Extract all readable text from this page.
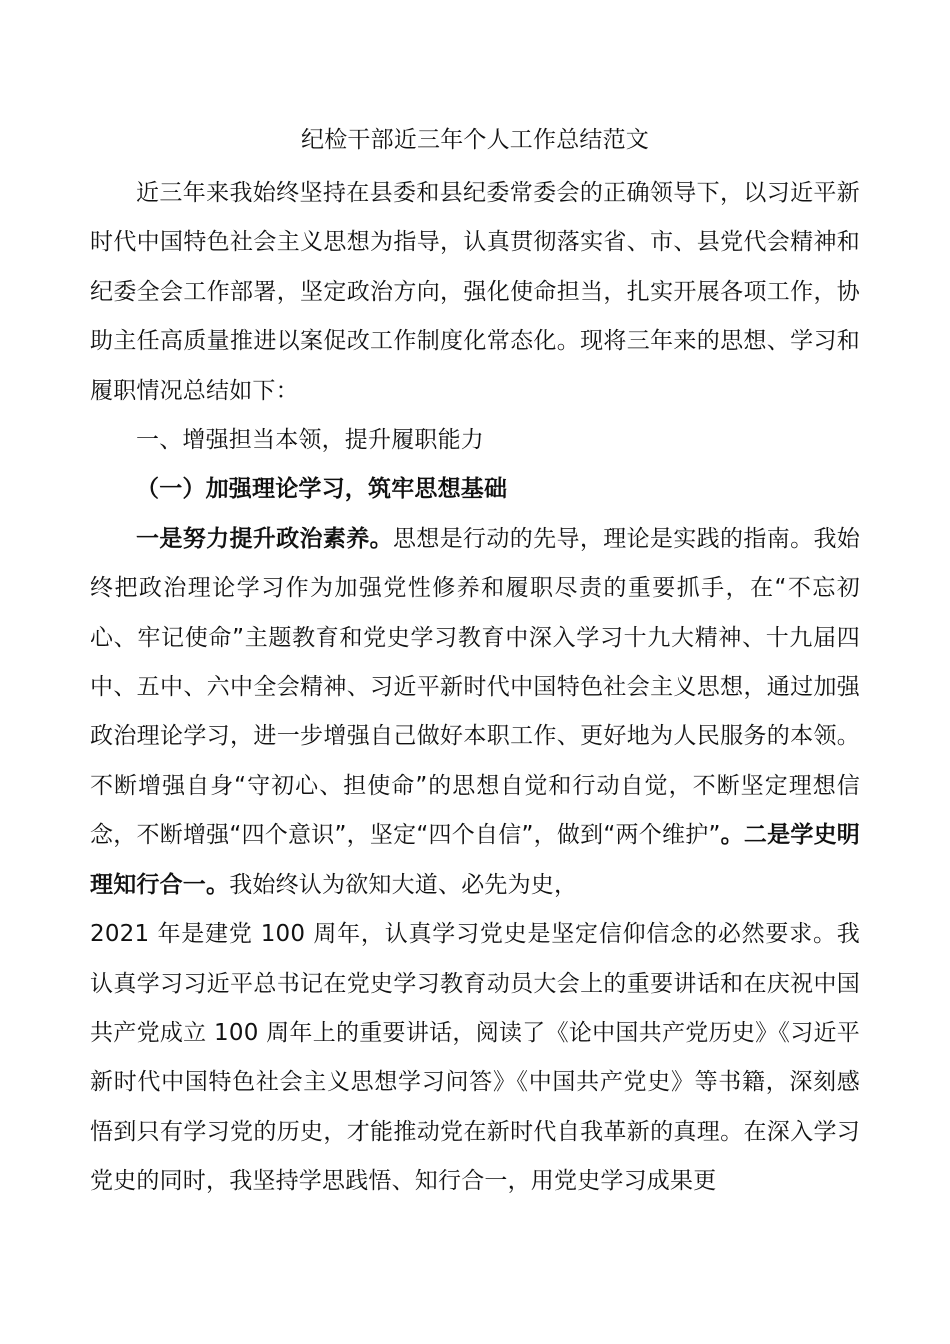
纪检干部近三年个人工作总结范文

近三年来我始终坚持在县委和县纪委常委会的正确领导下，以习近平新时代中国特色社会主义思想为指导，认真贯彻落实省、市、县党代会精神和纪委全会工作部署，坚定政治方向，强化使命担当，扎实开展各项工作，协助主任高质量推进以案促改工作制度化常态化。现将三年来的思想、学习和履职情况总结如下：

一、增强担当本领，提升履职能力

（一）加强理论学习，筑牢思想基础

一是努力提升政治素养。思想是行动的先导，理论是实践的指南。我始终把政治理论学习作为加强党性修养和履职尽责的重要抓手，在“不忘初心、牢记使命”主题教育和党史学习教育中深入学习十九大精神、十九届四中、五中、六中全会精神、习近平新时代中国特色社会主义思想，通过加强政治理论学习，进一步增强自己做好本职工作、更好地为人民服务的本领。不断增强自身“守初心、担使命”的思想自觉和行动自觉，不断坚定理想信念，不断增强“四个意识”，坚定“四个自信”，做到“两个维护”。二是学史明理知行合一。我始终认为欲知大道、必先为史，
2021 年是建党 100 周年，认真学习党史是坚定信仰信念的必然要求。我认真学习习近平总书记在党史学习教育动员大会上的重要讲话和在庆祝中国共产党成立 100 周年上的重要讲话，阅读了《论中国共产党历史》《习近平新时代中国特色社会主义思想学习问答》《中国共产党史》等书籍，深刻感悟到只有学习党的历史，才能推动党在新时代自我革新的真理。在深入学习党史的同时，我坚持学思践悟、知行合一，用党史学习成果更
